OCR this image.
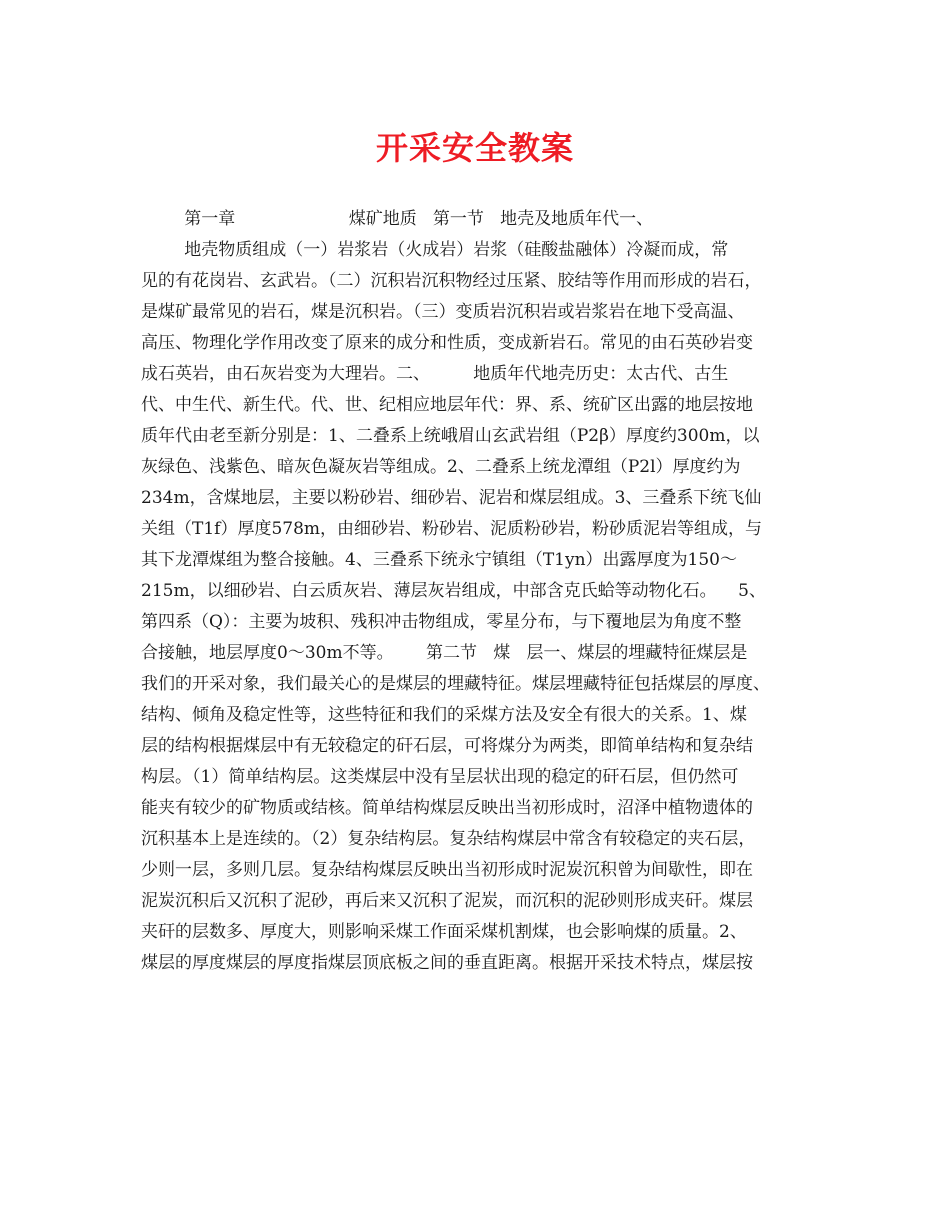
开采安全教案
第一章                     煤矿地质   第一节   地壳及地质年代一、
地壳物质组成（一）岩浆岩（火成岩）岩浆（硅酸盐融体）冷凝而成，常
见的有花岗岩、玄武岩。（二）沉积岩沉积物经过压紧、胶结等作用而形成的岩石，
是煤矿最常见的岩石，煤是沉积岩。（三）变质岩沉积岩或岩浆岩在地下受高温、
高压、物理化学作用改变了原来的成分和性质，变成新岩石。常见的由石英砂岩变
成石英岩，由石灰岩变为大理岩。二、        地质年代地壳历史：太古代、古生
代、中生代、新生代。代、世、纪相应地层年代：界、系、统矿区出露的地层按地
质年代由老至新分别是：1、二叠系上统峨眉山玄武岩组（P2β）厚度约300m，以
灰绿色、浅紫色、暗灰色凝灰岩等组成。2、二叠系上统龙潭组（P2l）厚度约为
234m，含煤地层，主要以粉砂岩、细砂岩、泥岩和煤层组成。3、三叠系下统飞仙
关组（T1f）厚度578m，由细砂岩、粉砂岩、泥质粉砂岩，粉砂质泥岩等组成，与
其下龙潭煤组为整合接触。4、三叠系下统永宁镇组（T1yn）出露厚度为150～
215m，以细砂岩、白云质灰岩、薄层灰岩组成，中部含克氏蛤等动物化石。    5、
第四系（Q）：主要为坡积、残积冲击物组成，零星分布，与下覆地层为角度不整
合接触，地层厚度0～30m不等。      第二节   煤   层一、煤层的埋藏特征煤层是
我们的开采对象，我们最关心的是煤层的埋藏特征。煤层埋藏特征包括煤层的厚度、
结构、倾角及稳定性等，这些特征和我们的采煤方法及安全有很大的关系。1、煤
层的结构根据煤层中有无较稳定的矸石层，可将煤分为两类，即简单结构和复杂结
构层。（1）简单结构层。这类煤层中没有呈层状出现的稳定的矸石层，但仍然可
能夹有较少的矿物质或结核。简单结构煤层反映出当初形成时，沼泽中植物遗体的
沉积基本上是连续的。（2）复杂结构层。复杂结构煤层中常含有较稳定的夹石层，
少则一层，多则几层。复杂结构煤层反映出当初形成时泥炭沉积曾为间歇性，即在
泥炭沉积后又沉积了泥砂，再后来又沉积了泥炭，而沉积的泥砂则形成夹矸。煤层
夹矸的层数多、厚度大，则影响采煤工作面采煤机割煤，也会影响煤的质量。2、
煤层的厚度煤层的厚度指煤层顶底板之间的垂直距离。根据开采技术特点，煤层按
